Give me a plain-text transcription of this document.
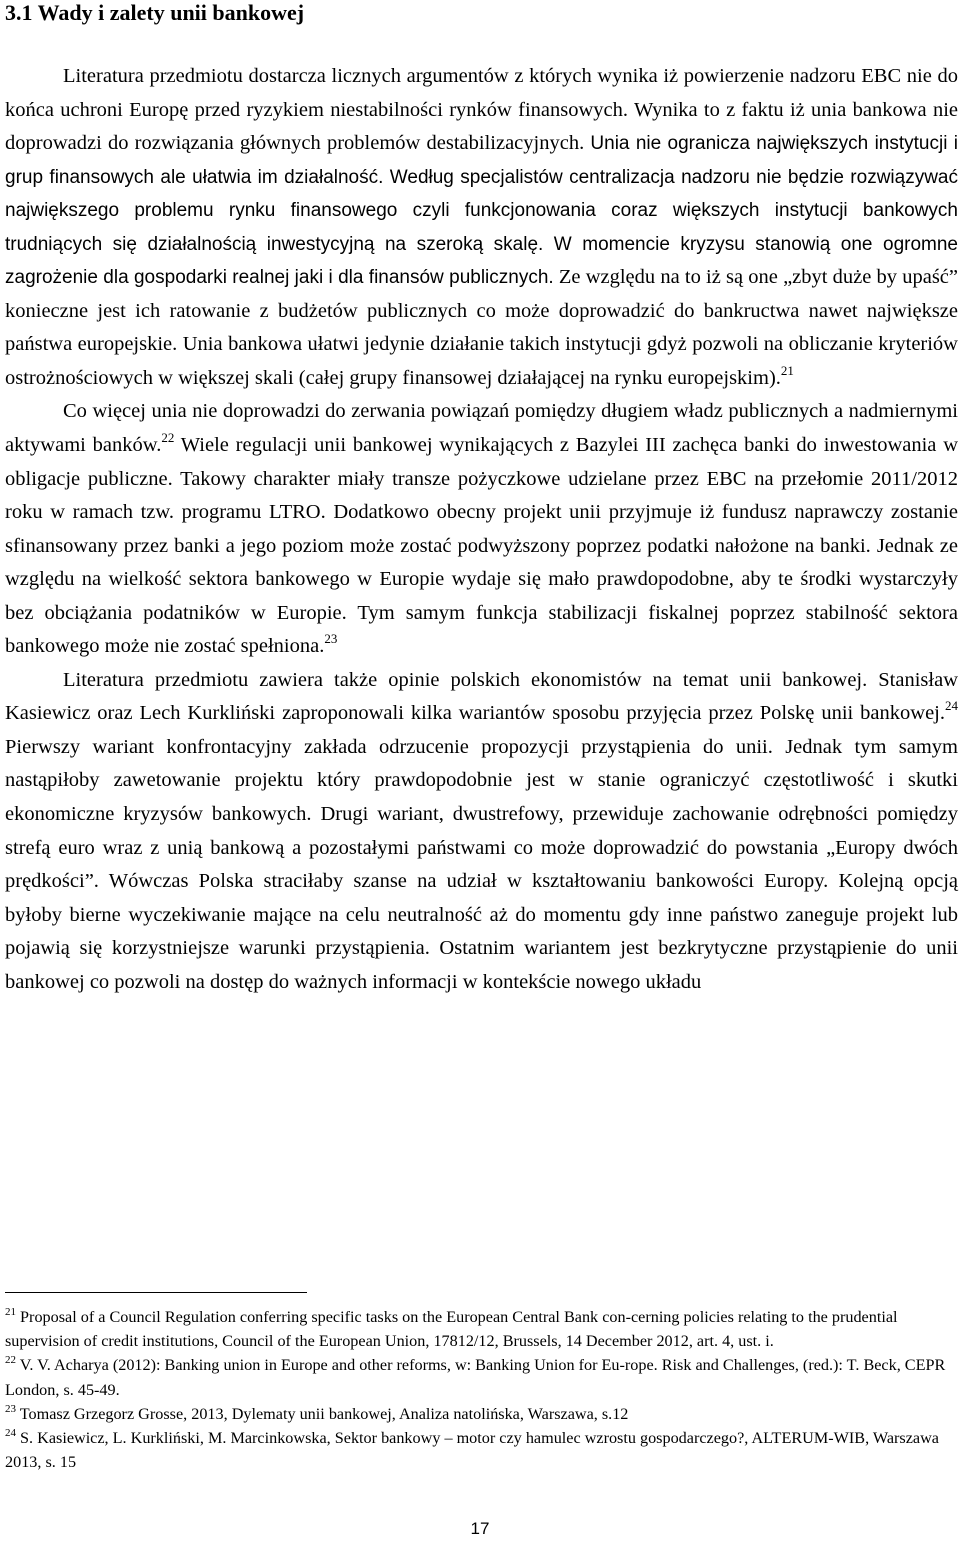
3.1 Wady i zalety unii bankowej

Literatura przedmiotu dostarcza licznych argumentów z których wynika iż powierzenie nadzoru EBC nie do końca uchroni Europę przed ryzykiem niestabilności rynków finansowych. Wynika to z faktu iż unia bankowa nie doprowadzi do rozwiązania głównych problemów destabilizacyjnych. Unia nie ogranicza największych instytucji i grup finansowych ale ułatwia im działalność. Według specjalistów centralizacja nadzoru nie będzie rozwiązywać największego problemu rynku finansowego czyli funkcjonowania coraz większych instytucji bankowych trudniących się działalnością inwestycyjną na szeroką skalę. W momencie kryzysu stanowią one ogromne zagrożenie dla gospodarki realnej jaki i dla finansów publicznych. Ze względu na to iż są one „zbyt duże by upaść” konieczne jest ich ratowanie z budżetów publicznych co może doprowadzić do bankructwa nawet największe państwa europejskie. Unia bankowa ułatwi jedynie działanie takich instytucji gdyż pozwoli na obliczanie kryteriów ostrożnościowych w większej skali (całej grupy finansowej działającej na rynku europejskim).$^{21}$

Co więcej unia nie doprowadzi do zerwania powiązań pomiędzy długiem władz publicznych a nadmiernymi aktywami banków.$^{22}$ Wiele regulacji unii bankowej wynikających z Bazylei III zachęca banki do inwestowania w obligacje publiczne. Takowy charakter miały transze pożyczkowe udzielane przez EBC na przełomie 2011/2012 roku w ramach tzw. programu LTRO. Dodatkowo obecny projekt unii przyjmuje iż fundusz naprawczy zostanie sfinansowany przez banki a jego poziom może zostać podwyższony poprzez podatki nałożone na banki. Jednak ze względu na wielkość sektora bankowego w Europie wydaje się mało prawdopodobne, aby te środki wystarczyły bez obciążania podatników w Europie. Tym samym funkcja stabilizacji fiskalnej poprzez stabilność sektora bankowego może nie zostać spełniona.$^{23}$

Literatura przedmiotu zawiera także opinie polskich ekonomistów na temat unii bankowej. Stanisław Kasiewicz oraz Lech Kurkliński zaproponowali kilka wariantów sposobu przyjęcia przez Polskę unii bankowej.$^{24}$ Pierwszy wariant konfrontacyjny zakłada odrzucenie propozycji przystąpienia do unii. Jednak tym samym nastąpiłoby zawetowanie projektu który prawdopodobnie jest w stanie ograniczyć częstotliwość i skutki ekonomiczne kryzysów bankowych. Drugi wariant, dwustrefowy, przewiduje zachowanie odrębności pomiędzy strefą euro wraz z unią bankową a pozostałymi państwami co może doprowadzić do powstania „Europy dwóch prędkości”. Wówczas Polska straciłaby szanse na udział w kształtowaniu bankowości Europy. Kolejną opcją byłoby bierne wyczekiwanie mające na celu neutralność aż do momentu gdy inne państwo zaneguje projekt lub pojawią się korzystniejsze warunki przystąpienia. Ostatnim wariantem jest bezkrytyczne przystąpienie do unii bankowej co pozwoli na dostęp do ważnych informacji w kontekście nowego układu

$^{21}$ Proposal of a Council Regulation conferring specific tasks on the European Central Bank con-cerning policies relating to the prudential supervision of credit institutions, Council of the European Union, 17812/12, Brussels, 14 December 2012, art. 4, ust. i.

$^{22}$ V. V. Acharya (2012): Banking union in Europe and other reforms, w: Banking Union for Eu-rope. Risk and Challenges, (red.): T. Beck, CEPR London, s. 45-49.

$^{23}$ Tomasz Grzegorz Grosse, 2013, Dylematy unii bankowej, Analiza natolińska, Warszawa, s.12

$^{24}$ S. Kasiewicz, L. Kurkliński, M. Marcinkowska, Sektor bankowy – motor czy hamulec wzrostu gospodarczego?, ALTERUM-WIB, Warszawa 2013, s. 15

17
